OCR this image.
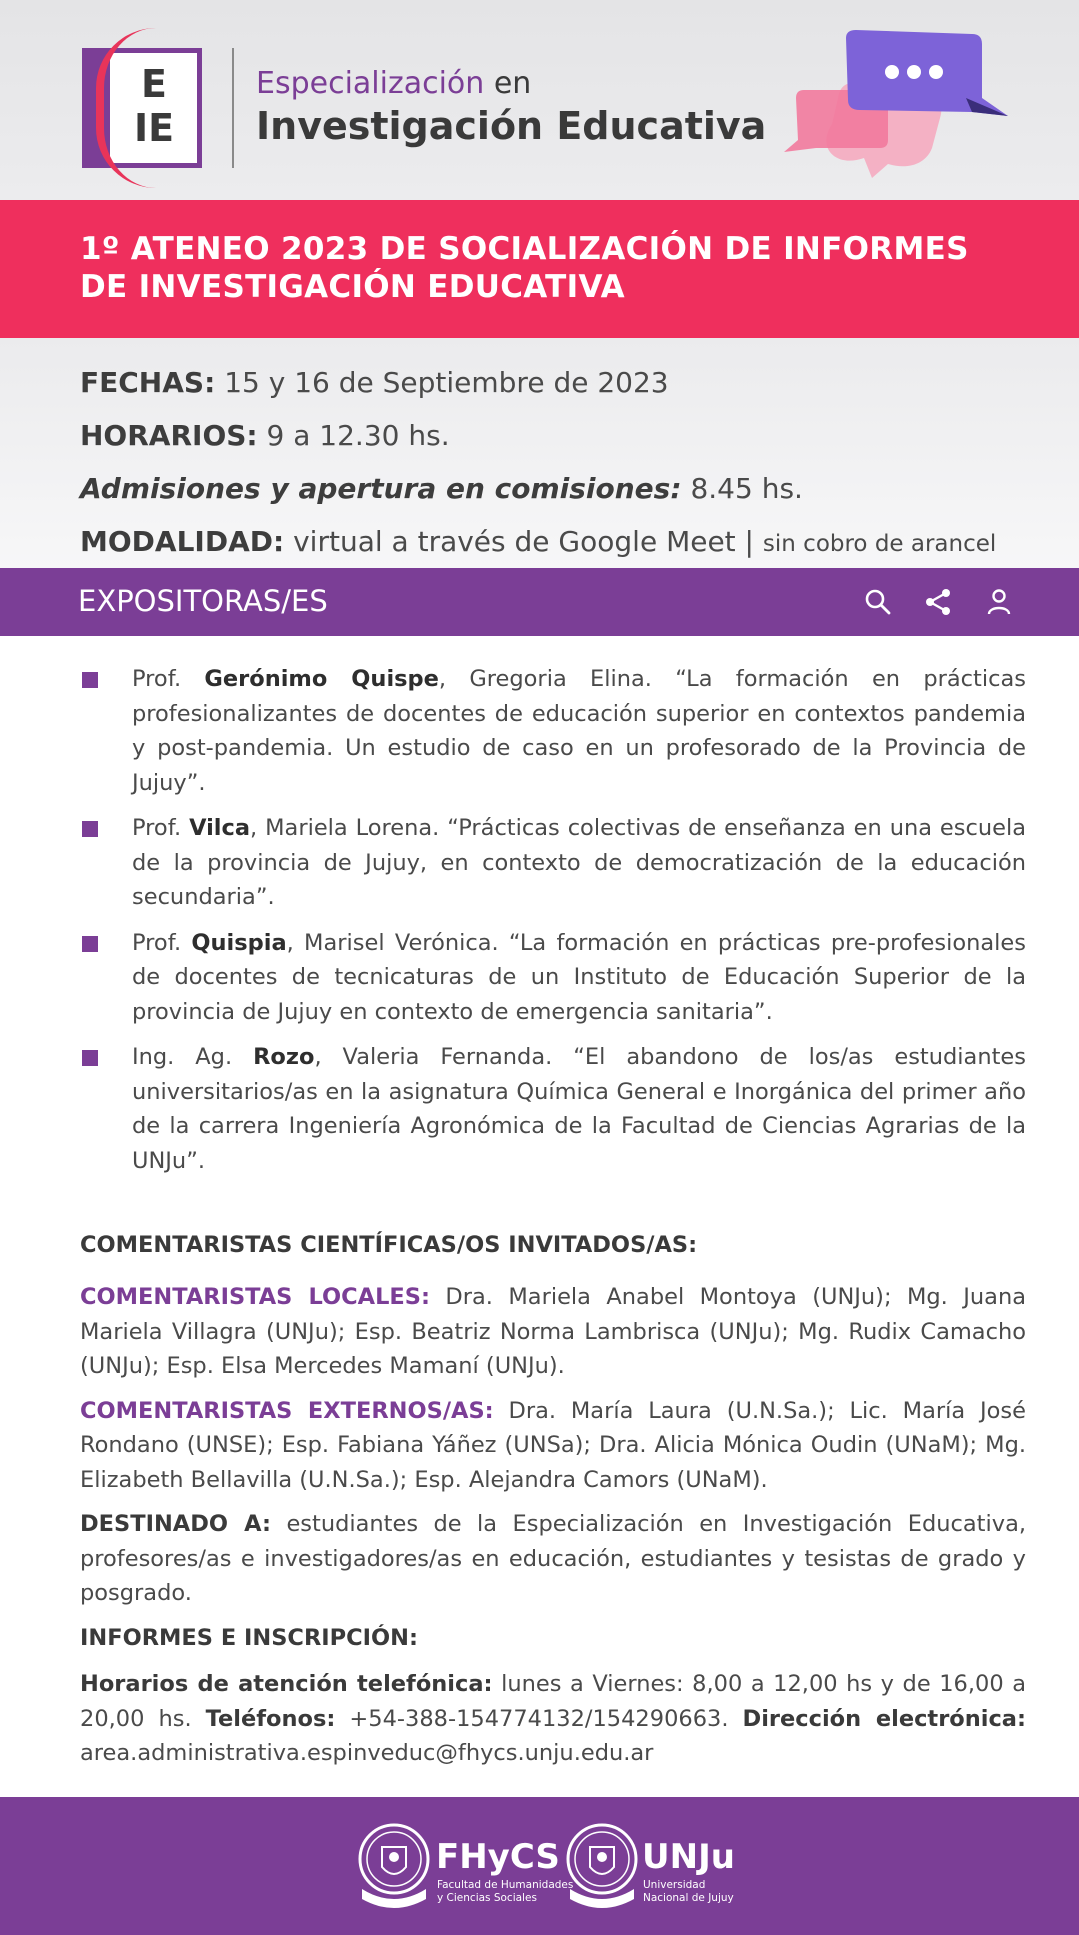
E
IE
Especialización en
Investigación Educativa
1º ATENEO 2023 DE SOCIALIZACIÓN DE INFORMES
DE INVESTIGACIÓN EDUCATIVA
FECHAS: 15 y 16 de Septiembre de 2023
HORARIOS: 9 a 12.30 hs.
Admisiones y apertura en comisiones: 8.45 hs.
MODALIDAD: virtual a través de Google Meet | sin cobro de arancel
EXPOSITORAS/ES

Prof. Gerónimo Quispe, Gregoria Elina. “La formación en prácticas profesionalizantes de docentes de educación superior en contextos pandemia y post-pandemia. Un estudio de caso en un profesorado de la Provincia de Jujuy”.

Prof. Vilca, Mariela Lorena. “Prácticas colectivas de enseñanza en una escuela de la provincia de Jujuy, en contexto de democratización de la educación secundaria”.

Prof. Quispia, Marisel Verónica. “La formación en prácticas pre-profesionales de docentes de tecnicaturas de un Instituto de Educación Superior de la provincia de Jujuy en contexto de emergencia sanitaria”.

Ing. Ag. Rozo, Valeria Fernanda. “El abandono de los/as estudiantes universitarios/as en la asignatura Química General e Inorgánica del primer año de la carrera Ingeniería Agronómica de la Facultad de Ciencias Agrarias de la UNJu”.

COMENTARISTAS CIENTÍFICAS/OS INVITADOS/AS:

COMENTARISTAS LOCALES: Dra. Mariela Anabel Montoya (UNJu); Mg. Juana Mariela Villagra (UNJu); Esp. Beatriz Norma Lambrisca (UNJu); Mg. Rudix Camacho (UNJu); Esp. Elsa Mercedes Mamaní (UNJu).

COMENTARISTAS EXTERNOS/AS: Dra. María Laura (U.N.Sa.); Lic. María José Rondano (UNSE); Esp. Fabiana Yáñez (UNSa); Dra. Alicia Mónica Oudin (UNaM); Mg. Elizabeth Bellavilla (U.N.Sa.); Esp. Alejandra Camors (UNaM).

DESTINADO A: estudiantes de la Especialización en Investigación Educativa, profesores/as e investigadores/as en educación, estudiantes y tesistas de grado y posgrado.

INFORMES E INSCRIPCIÓN:

Horarios de atención telefónica: lunes a Viernes: 8,00 a 12,00 hs y de 16,00 a 20,00 hs. Teléfonos: +54-388-154774132/154290663. Dirección electrónica: area.administrativa.espinveduc@fhycs.unju.edu.ar

FHyCS
Facultad de Humanidades
y Ciencias Sociales
UNJu
Universidad
Nacional de Jujuy
